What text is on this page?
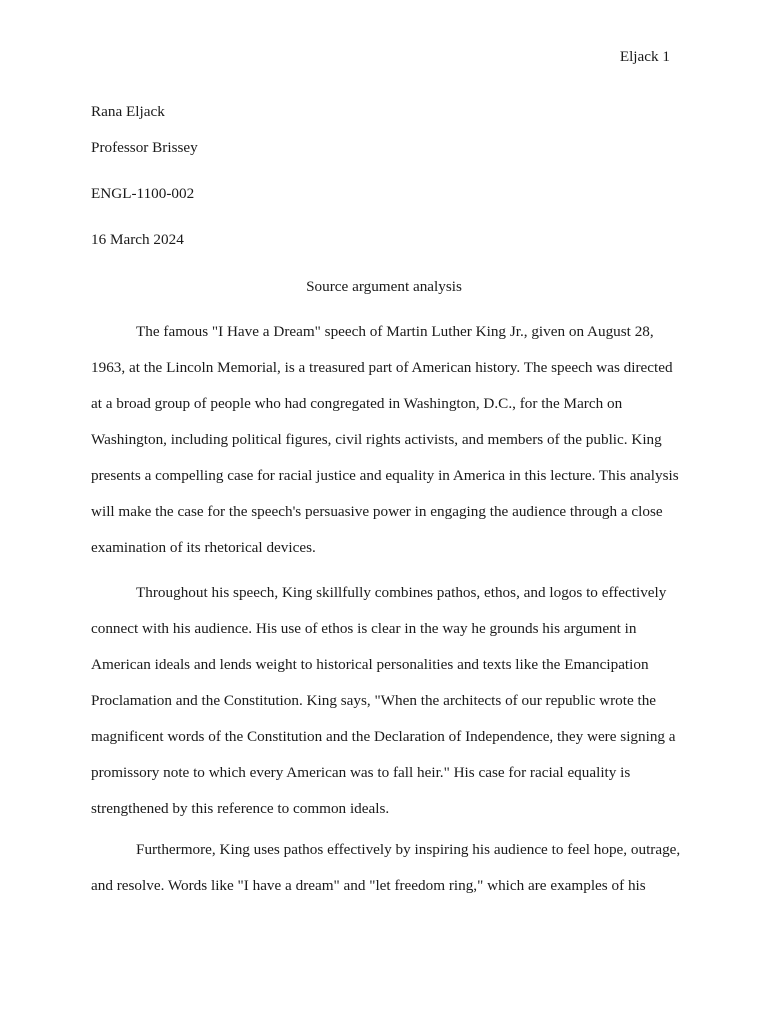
Eljack 1
Rana Eljack
Professor Brissey
ENGL-1100-002
16 March 2024
Source argument analysis
The famous "I Have a Dream" speech of Martin Luther King Jr., given on August 28,
1963, at the Lincoln Memorial, is a treasured part of American history. The speech was directed
at a broad group of people who had congregated in Washington, D.C., for the March on
Washington, including political figures, civil rights activists, and members of the public. King
presents a compelling case for racial justice and equality in America in this lecture. This analysis
will make the case for the speech's persuasive power in engaging the audience through a close
examination of its rhetorical devices.
Throughout his speech, King skillfully combines pathos, ethos, and logos to effectively
connect with his audience. His use of ethos is clear in the way he grounds his argument in
American ideals and lends weight to historical personalities and texts like the Emancipation
Proclamation and the Constitution. King says, "When the architects of our republic wrote the
magnificent words of the Constitution and the Declaration of Independence, they were signing a
promissory note to which every American was to fall heir." His case for racial equality is
strengthened by this reference to common ideals.
Furthermore, King uses pathos effectively by inspiring his audience to feel hope, outrage,
and resolve. Words like "I have a dream" and "let freedom ring," which are examples of his
